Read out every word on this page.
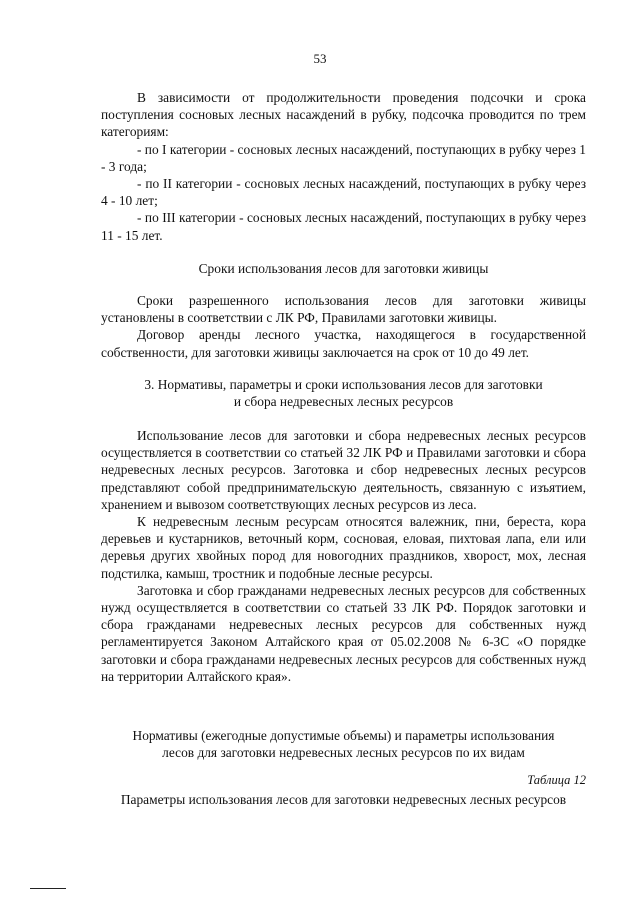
53

В зависимости от продолжительности проведения подсочки и срока поступления сосновых лесных насаждений в рубку, подсочка проводится по трем категориям:

- по I категории - сосновых лесных насаждений, поступающих в рубку через 1 - 3 года;

- по II категории - сосновых лесных насаждений, поступающих в рубку через 4 - 10 лет;

- по III категории - сосновых лесных насаждений, поступающих в рубку через 11 - 15 лет.

Сроки использования лесов для заготовки живицы

Сроки разрешенного использования лесов для заготовки живицы установлены в соответствии с ЛК РФ, Правилами заготовки живицы.

Договор аренды лесного участка, находящегося в государственной собственности, для заготовки живицы заключается на срок от 10 до 49 лет.

3. Нормативы, параметры и сроки использования лесов для заготовки

и сбора недревесных лесных ресурсов

Использование лесов для заготовки и сбора недревесных лесных ресурсов осуществляется в соответствии со статьей 32 ЛК РФ и Правилами заготовки и сбора недревесных лесных ресурсов. Заготовка и сбор недревесных лесных ресурсов представляют собой предпринимательскую деятельность, связанную с изъятием, хранением и вывозом соответствующих лесных ресурсов из леса.

К недревесным лесным ресурсам относятся валежник, пни, береста, кора деревьев и кустарников, веточный корм, сосновая, еловая, пихтовая лапа, ели или деревья других хвойных пород для новогодних праздников, хворост, мох, лесная подстилка, камыш, тростник и подобные лесные ресурсы.

Заготовка и сбор гражданами недревесных лесных ресурсов для собственных нужд осуществляется в соответствии со статьей 33 ЛК РФ. Порядок заготовки и сбора гражданами недревесных лесных ресурсов для собственных нужд регламентируется Законом Алтайского края от 05.02.2008 № 6-ЗС «О порядке заготовки и сбора гражданами недревесных лесных ресурсов для собственных нужд на территории Алтайского края».

Нормативы (ежегодные допустимые объемы) и параметры использования

лесов для заготовки недревесных лесных ресурсов по их видам

Таблица 12

Параметры использования лесов для заготовки недревесных лесных ресурсов
